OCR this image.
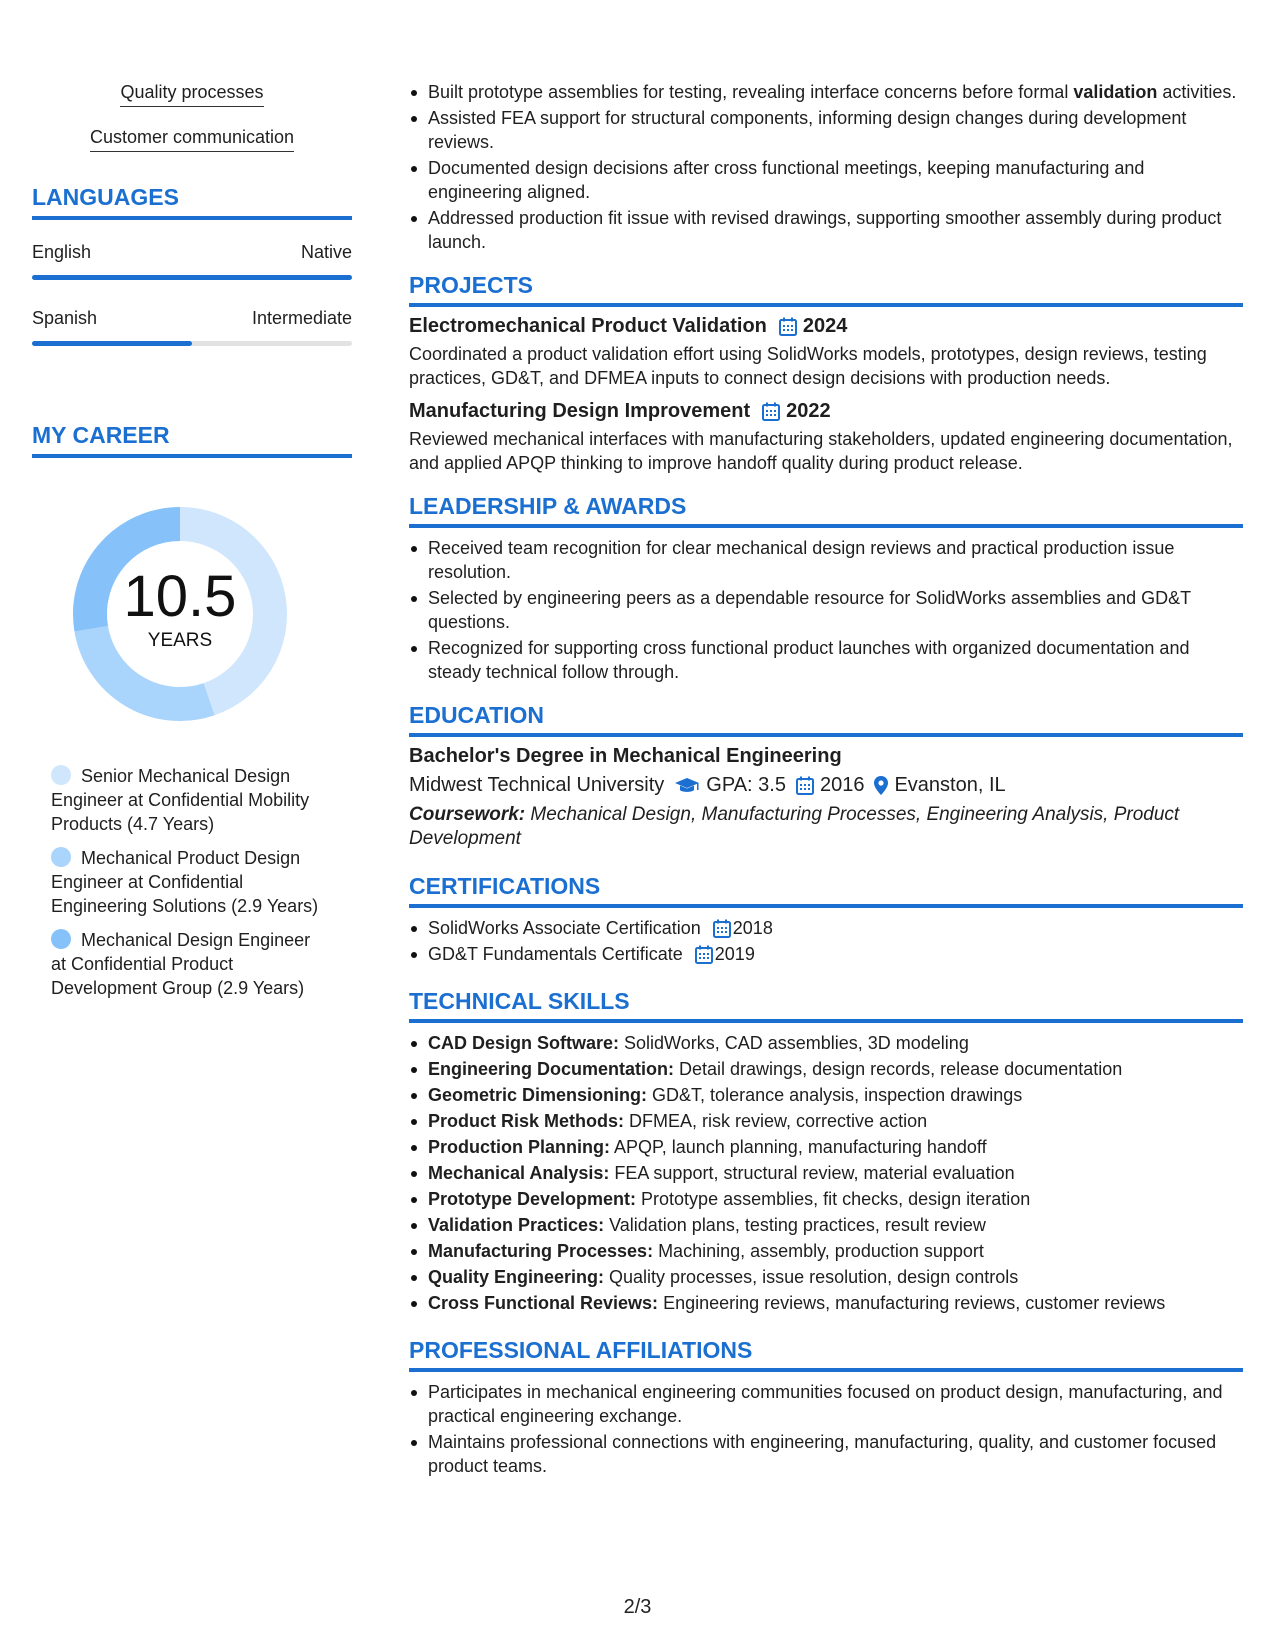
Quality processes
Customer communication
LANGUAGES
English	Native
Spanish	Intermediate
MY CAREER
10.5
YEARS
Senior Mechanical Design Engineer at Confidential Mobility Products (4.7 Years)
Mechanical Product Design Engineer at Confidential Engineering Solutions (2.9 Years)
Mechanical Design Engineer at Confidential Product Development Group (2.9 Years)
Built prototype assemblies for testing, revealing interface concerns before formal validation activities.
Assisted FEA support for structural components, informing design changes during development reviews.
Documented design decisions after cross functional meetings, keeping manufacturing and engineering aligned.
Addressed production fit issue with revised drawings, supporting smoother assembly during product launch.
PROJECTS
Electromechanical Product Validation 2024
Coordinated a product validation effort using SolidWorks models, prototypes, design reviews, testing practices, GD&T, and DFMEA inputs to connect design decisions with production needs.
Manufacturing Design Improvement 2022
Reviewed mechanical interfaces with manufacturing stakeholders, updated engineering documentation, and applied APQP thinking to improve handoff quality during product release.
LEADERSHIP & AWARDS
Received team recognition for clear mechanical design reviews and practical production issue resolution.
Selected by engineering peers as a dependable resource for SolidWorks assemblies and GD&T questions.
Recognized for supporting cross functional product launches with organized documentation and steady technical follow through.
EDUCATION
Bachelor's Degree in Mechanical Engineering
Midwest Technical University GPA: 3.5 2016 Evanston, IL
Coursework: Mechanical Design, Manufacturing Processes, Engineering Analysis, Product Development
CERTIFICATIONS
SolidWorks Associate Certification 2018
GD&T Fundamentals Certificate 2019
TECHNICAL SKILLS
CAD Design Software: SolidWorks, CAD assemblies, 3D modeling
Engineering Documentation: Detail drawings, design records, release documentation
Geometric Dimensioning: GD&T, tolerance analysis, inspection drawings
Product Risk Methods: DFMEA, risk review, corrective action
Production Planning: APQP, launch planning, manufacturing handoff
Mechanical Analysis: FEA support, structural review, material evaluation
Prototype Development: Prototype assemblies, fit checks, design iteration
Validation Practices: Validation plans, testing practices, result review
Manufacturing Processes: Machining, assembly, production support
Quality Engineering: Quality processes, issue resolution, design controls
Cross Functional Reviews: Engineering reviews, manufacturing reviews, customer reviews
PROFESSIONAL AFFILIATIONS
Participates in mechanical engineering communities focused on product design, manufacturing, and practical engineering exchange.
Maintains professional connections with engineering, manufacturing, quality, and customer focused product teams.
2/3
